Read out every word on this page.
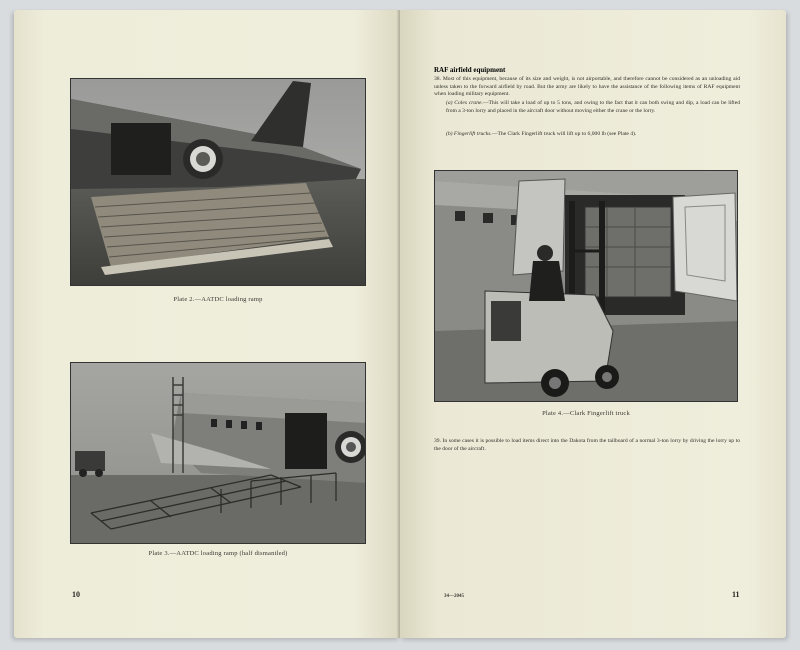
Plate 2.—AATDC loading ramp
Plate 3.—AATDC loading ramp (half dismantled)
10
RAF airfield equipment
38. Most of this equipment, because of its size and weight, is not airportable, and therefore cannot be considered as an unloading aid unless taken to the forward airfield by road. But the army are likely to have the assistance of the following items of RAF equipment when loading military equipment.
(a) Coles crane.—This will take a load of up to 5 tons, and owing to the fact that it can both swing and dip, a load can be lifted from a 3-ton lorry and placed in the aircraft door without moving either the crane or the lorry.
(b) Fingerlift trucks.—The Clark Fingerlift truck will lift up to 6,000 lb (see Plate 4).
Plate 4.—Clark Fingerlift truck
39. In some cases it is possible to load items direct into the Dakota from the tailboard of a normal 3-ton lorry by driving the lorry up to the door of the aircraft.
34—2045	11
